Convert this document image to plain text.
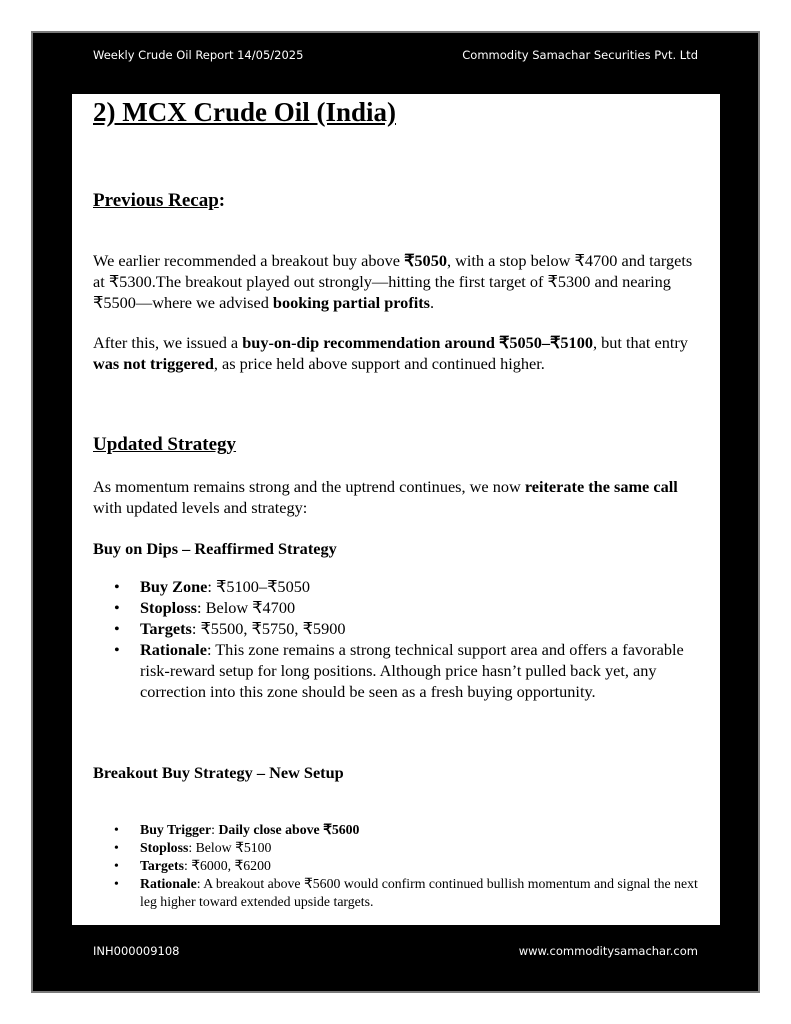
Weekly Crude Oil Report 14/05/2025	Commodity Samachar Securities Pvt. Ltd
2) MCX Crude Oil (India)
Previous Recap:

We earlier recommended a breakout buy above ₹5050, with a stop below ₹4700 and targets at ₹5300.The breakout played out strongly—hitting the first target of ₹5300 and nearing ₹5500—where we advised booking partial profits.

After this, we issued a buy-on-dip recommendation around ₹5050–₹5100, but that entry was not triggered, as price held above support and continued higher.

Updated Strategy

As momentum remains strong and the uptrend continues, we now reiterate the same call with updated levels and strategy:

Buy on Dips – Reaffirmed Strategy

• Buy Zone: ₹5100–₹5050
• Stoploss: Below ₹4700
• Targets: ₹5500, ₹5750, ₹5900
• Rationale: This zone remains a strong technical support area and offers a favorable risk-reward setup for long positions. Although price hasn’t pulled back yet, any correction into this zone should be seen as a fresh buying opportunity.

Breakout Buy Strategy – New Setup

• Buy Trigger: Daily close above ₹5600
• Stoploss: Below ₹5100
• Targets: ₹6000, ₹6200
• Rationale: A breakout above ₹5600 would confirm continued bullish momentum and signal the next leg higher toward extended upside targets.
INH000009108	www.commoditysamachar.com
